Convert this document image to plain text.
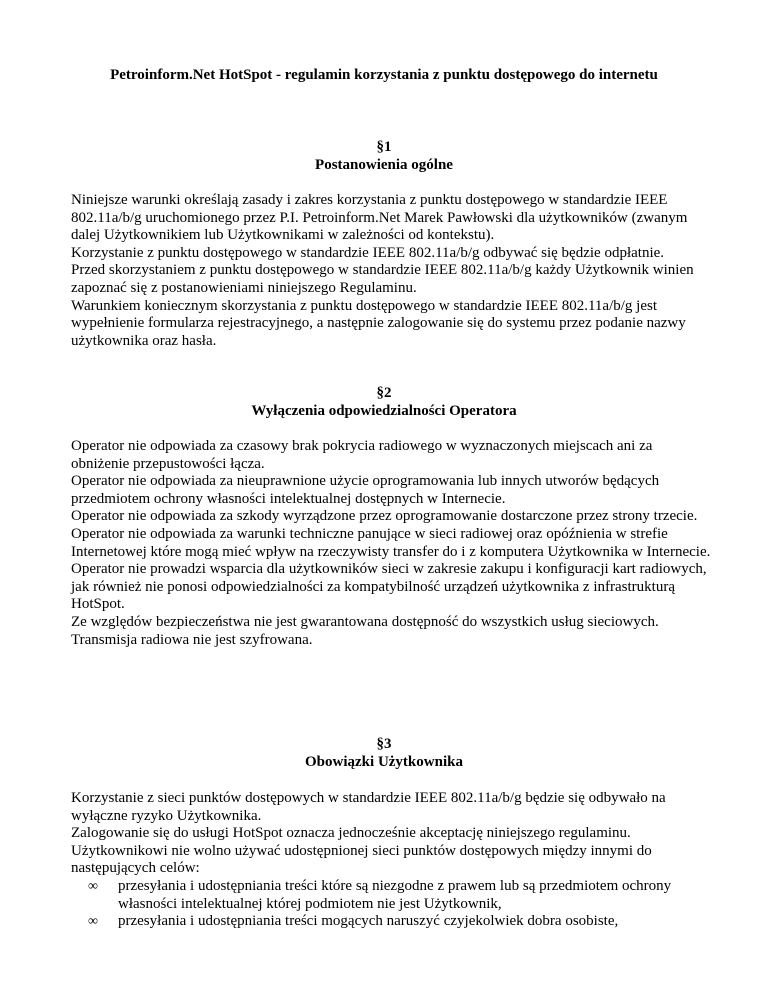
Petroinform.Net HotSpot - regulamin korzystania z punktu dostępowego do internetu
§1
Postanowienia ogólne

Niniejsze warunki określają zasady i zakres korzystania z punktu dostępowego w standardzie IEEE 802.11a/b/g uruchomionego przez P.I. Petroinform.Net Marek Pawłowski dla użytkowników (zwanym dalej Użytkownikiem lub Użytkownikami w zależności od kontekstu).

Korzystanie z punktu dostępowego w standardzie IEEE 802.11a/b/g odbywać się będzie odpłatnie.

Przed skorzystaniem z punktu dostępowego w standardzie IEEE 802.11a/b/g każdy Użytkownik winien zapoznać się z postanowieniami niniejszego Regulaminu.

Warunkiem koniecznym skorzystania z punktu dostępowego w standardzie IEEE 802.11a/b/g jest wypełnienie formularza rejestracyjnego, a następnie zalogowanie się do systemu przez podanie nazwy użytkownika oraz hasła.

§2
Wyłączenia odpowiedzialności Operatora

Operator nie odpowiada za czasowy brak pokrycia radiowego w wyznaczonych miejscach ani za obniżenie przepustowości łącza.

Operator nie odpowiada za nieuprawnione użycie oprogramowania lub innych utworów będących przedmiotem ochrony własności intelektualnej dostępnych w Internecie.

Operator nie odpowiada za szkody wyrządzone przez oprogramowanie dostarczone przez strony trzecie.

Operator nie odpowiada za warunki techniczne panujące w sieci radiowej oraz opóźnienia w strefie Internetowej które mogą mieć wpływ na rzeczywisty transfer do i z komputera Użytkownika w Internecie.

Operator nie prowadzi wsparcia dla użytkowników sieci w zakresie zakupu i konfiguracji kart radiowych, jak również nie ponosi odpowiedzialności za kompatybilność urządzeń użytkownika z infrastrukturą HotSpot.

Ze względów bezpieczeństwa nie jest gwarantowana dostępność do wszystkich usług sieciowych.

Transmisja radiowa nie jest szyfrowana.

§3
Obowiązki Użytkownika

Korzystanie z sieci punktów dostępowych w standardzie IEEE 802.11a/b/g będzie się odbywało na wyłączne ryzyko Użytkownika.

Zalogowanie się do usługi HotSpot oznacza jednocześnie akceptację niniejszego regulaminu.

Użytkownikowi nie wolno używać udostępnionej sieci punktów dostępowych między innymi do następujących celów:

∞ przesyłania i udostępniania treści które są niezgodne z prawem lub są przedmiotem ochrony własności intelektualnej której podmiotem nie jest Użytkownik,
∞ przesyłania i udostępniania treści mogących naruszyć czyjekolwiek dobra osobiste,
